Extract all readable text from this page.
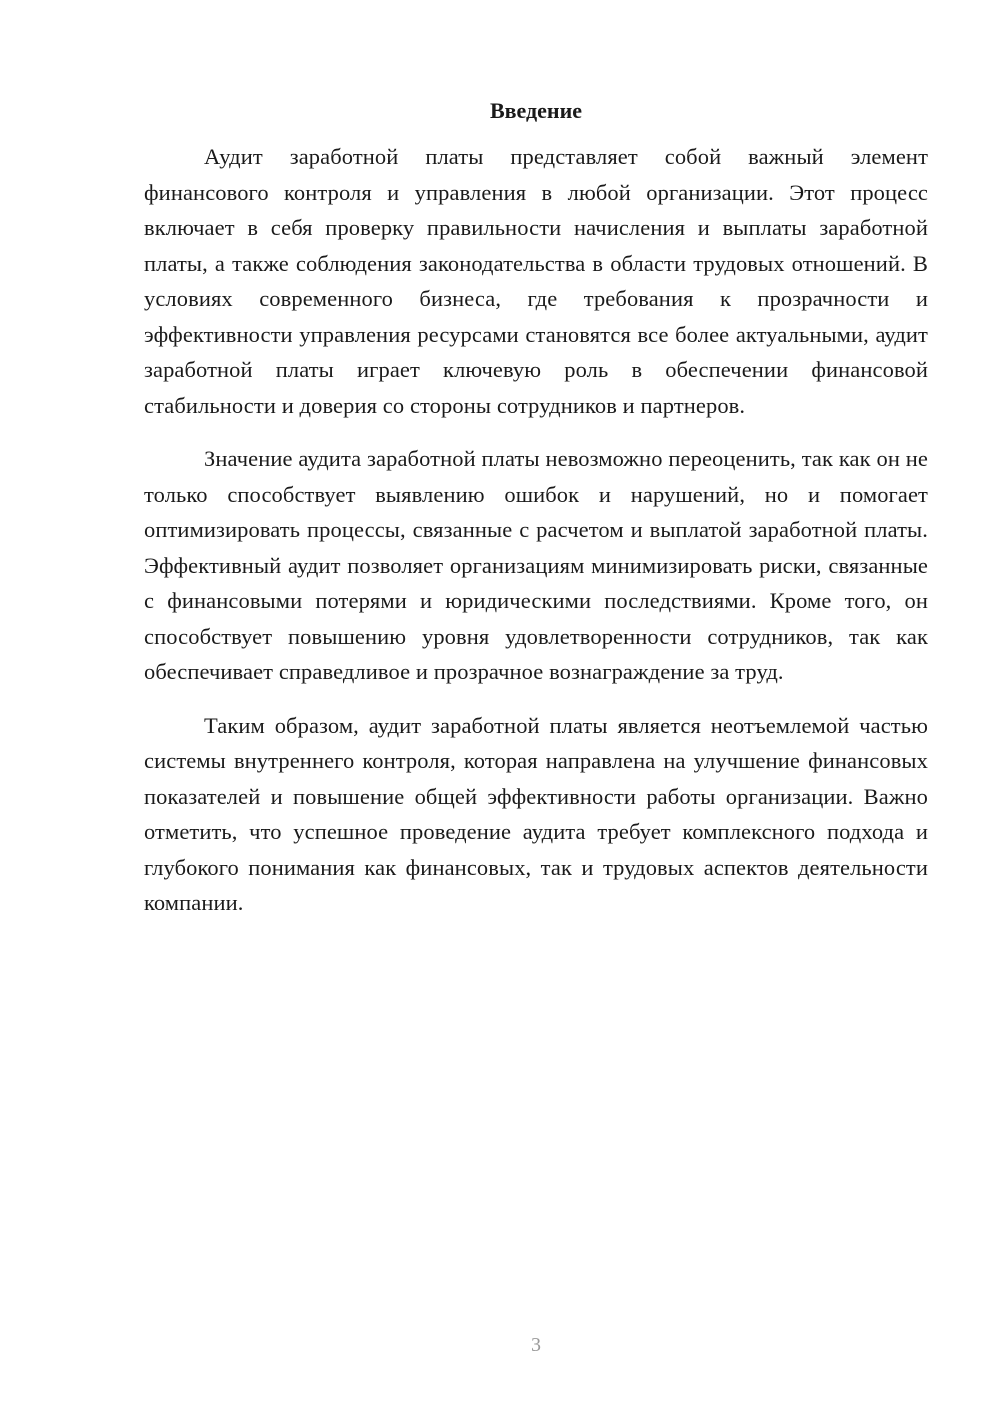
Введение

Аудит заработной платы представляет собой важный элемент финансового контроля и управления в любой организации. Этот процесс включает в себя проверку правильности начисления и выплаты заработной платы, а также соблюдения законодательства в области трудовых отношений. В условиях современного бизнеса, где требования к прозрачности и эффективности управления ресурсами становятся все более актуальными, аудит заработной платы играет ключевую роль в обеспечении финансовой стабильности и доверия со стороны сотрудников и партнеров.

Значение аудита заработной платы невозможно переоценить, так как он не только способствует выявлению ошибок и нарушений, но и помогает оптимизировать процессы, связанные с расчетом и выплатой заработной платы. Эффективный аудит позволяет организациям минимизировать риски, связанные с финансовыми потерями и юридическими последствиями. Кроме того, он способствует повышению уровня удовлетворенности сотрудников, так как обеспечивает справедливое и прозрачное вознаграждение за труд.

Таким образом, аудит заработной платы является неотъемлемой частью системы внутреннего контроля, которая направлена на улучшение финансовых показателей и повышение общей эффективности работы организации. Важно отметить, что успешное проведение аудита требует комплексного подхода и глубокого понимания как финансовых, так и трудовых аспектов деятельности компании.

3
